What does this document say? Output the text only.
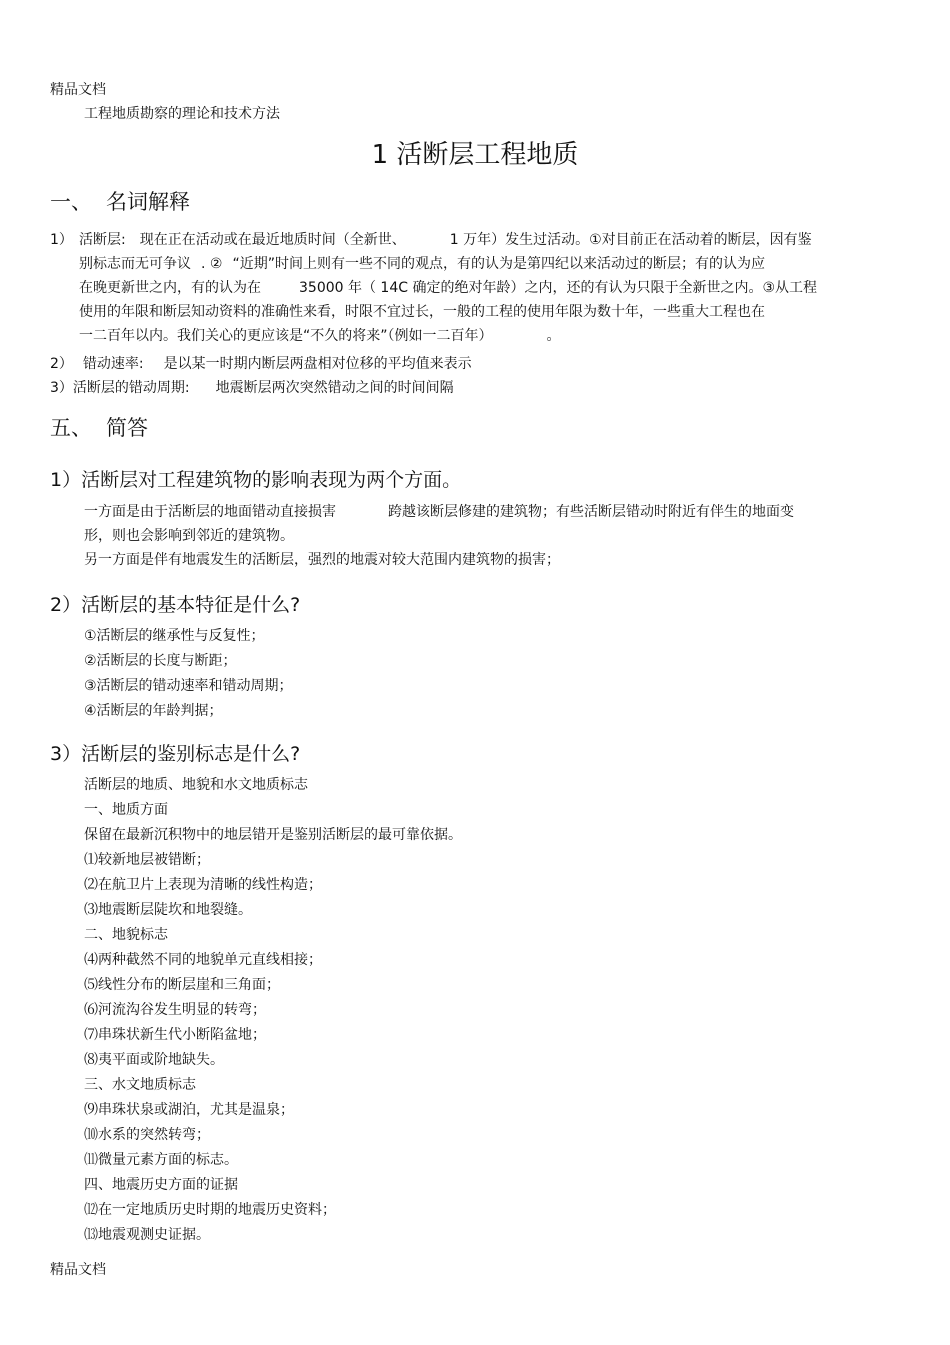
精品文档
工程地质勘察的理论和技术方法
1 活断层工程地质
一、 名词解释
1） 活断层: 现在正在活动或在最近地质时间（全新世、	1 万年）发生过活动。①对目前正在活动着的断层，因有鉴
别标志而无可争议 . ② “近期”时间上则有一些不同的观点，有的认为是第四纪以来活动过的断层；有的认为应
在晚更新世之内，有的认为在	35000 年（ 14C 确定的绝对年龄）之内，还的有认为只限于全新世之内。③从工程
使用的年限和断层知动资料的准确性来看，时限不宜过长，一般的工程的使用年限为数十年，一些重大工程也在
一二百年以内。我们关心的更应该是“不久的将来”（例如一二百年）	。
2） 错动速率: 是以某一时期内断层两盘相对位移的平均值来表示
3）活断层的错动周期: 地震断层两次突然错动之间的时间间隔
五、 简答
1）活断层对工程建筑物的影响表现为两个方面。
一方面是由于活断层的地面错动直接损害	跨越该断层修建的建筑物；有些活断层错动时附近有伴生的地面变
形，则也会影响到邻近的建筑物。
另一方面是伴有地震发生的活断层，强烈的地震对较大范围内建筑物的损害；
2）活断层的基本特征是什么?
①活断层的继承性与反复性；
②活断层的长度与断距；
③活断层的错动速率和错动周期；
④活断层的年龄判据；
3）活断层的鉴别标志是什么?
活断层的地质、地貌和水文地质标志
一、地质方面
保留在最新沉积物中的地层错开是鉴别活断层的最可靠依据。
⑴较新地层被错断；
⑵在航卫片上表现为清晰的线性构造；
⑶地震断层陡坎和地裂缝。
二、地貌标志
⑷两种截然不同的地貌单元直线相接；
⑸线性分布的断层崖和三角面；
⑹河流沟谷发生明显的转弯；
⑺串珠状新生代小断陷盆地；
⑻夷平面或阶地缺失。
三、水文地质标志
⑼串珠状泉或湖泊，尤其是温泉；
⑽水系的突然转弯；
⑾微量元素方面的标志。
四、地震历史方面的证据
⑿在一定地质历史时期的地震历史资料；
⒀地震观测史证据。
精品文档
